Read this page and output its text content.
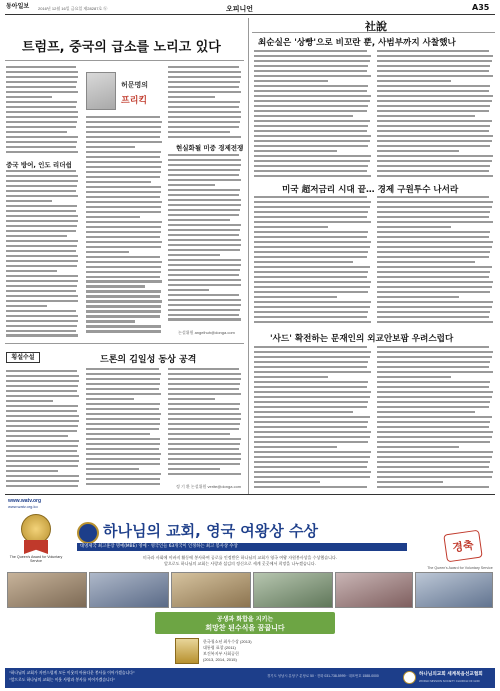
동아일보 2016년 12월 16일 금요일 제28287호 ⓑ	오피니언	A35
트럼프, 중국의 급소를 노리고 있다
중국 방어, 인도 리더쉽
허문명의
프리킥
현실화될 미중 경제전쟁
논설위원 angelhuh@donga.com
횡설수설	드론의 김일성 동상 공격
정 기 환 논설위원 verite@donga.com
社說
최순실은 '상빵'으로 비꼬란 뿐, 사범부까지 사찰했나
미국 超저금리 시대 끝… 경제 구원투수 나서라
'사드' 확전하는 문재인의 외교안보팜 우려스럽다
www.watv.org
www.watv.org.ko
The Queen's Award for Voluntary Service
하나님의 교회, 영국 여왕상 수상
대영제국 최고훈장 명예(MBE) 영예 · 영국인들 63개국이 인정하는 최고 봉사상 수상
미국과 사회에 이바지 활동에 봉사하여 공로를 인정받은 하나님의 교회가 영국 여왕 자원봉사상을 수상했습니다.
앞으로도 하나님의 교회는 사랑과 섬김의 정신으로 세계 곳곳에서 희망을 나누겠습니다.
경축
The Queen's Award for Voluntary Service
공생과 화합을 지키는
희망찬 된수식을 꿈꿉니다
한국청소년 최우수상 (2013)
대통령 표창 (2011)
보건복지부 사회공헌
(2013, 2014, 2015)
"하나님의 교회가 자연스럽게 모든 이웃의 아름다운 봉사를 이어가겠습니다"
"앞으로도 하나님의 교회는 이웃 사랑과 봉사를 이어가겠습니다"
경기도 성남시 분당구 분당로 50 · 전화 031-738-5999 · 대표번호 1588-0000	하나님의교회 세계복음선교협회
WORLD MISSION SOCIETY CHURCH OF GOD
